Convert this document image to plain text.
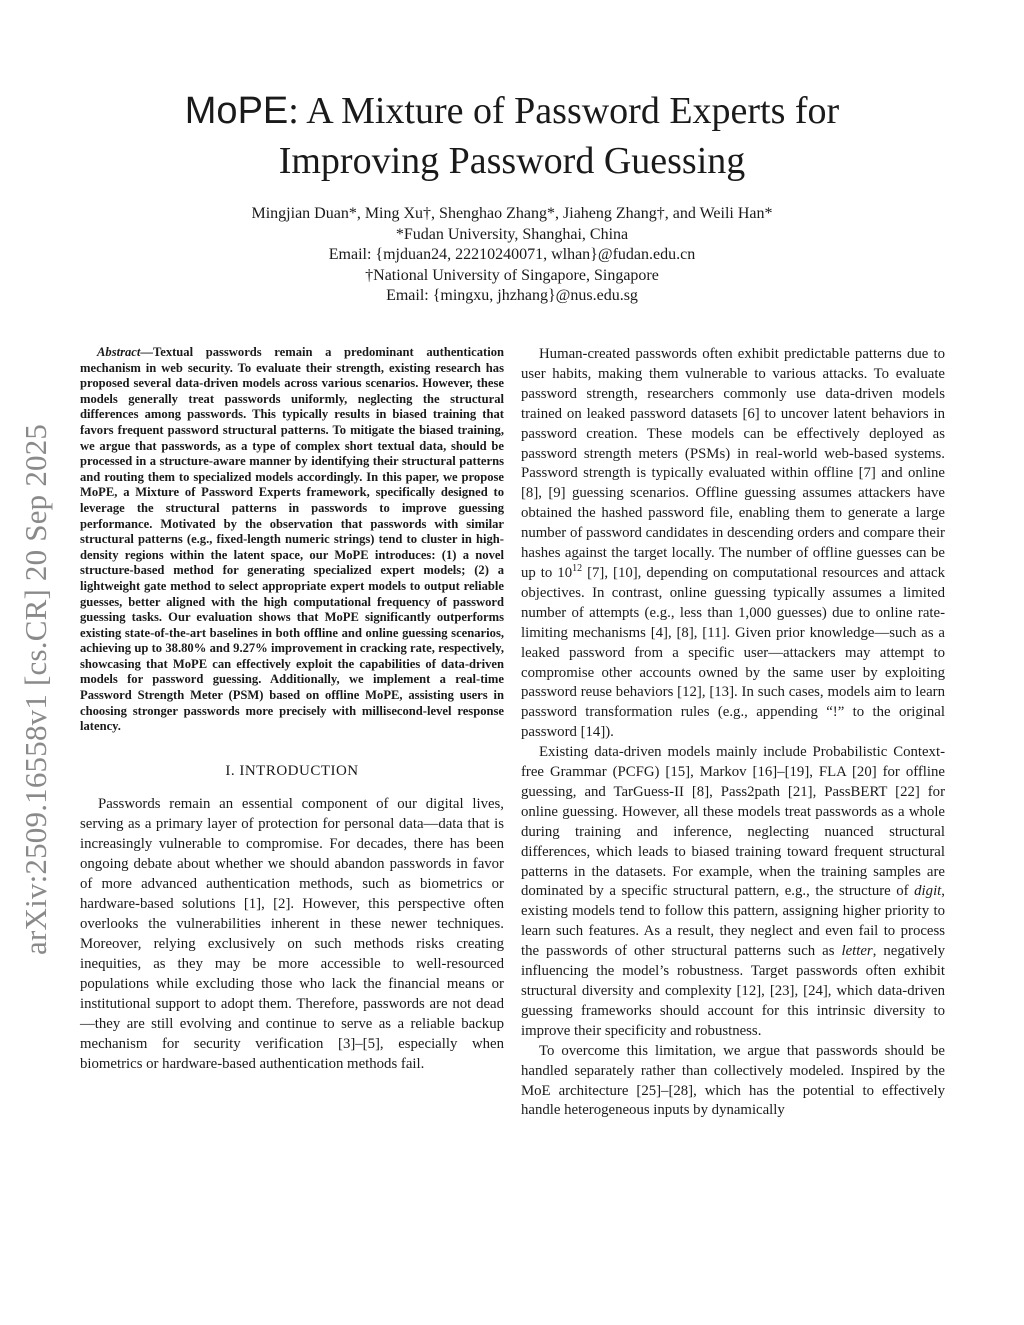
arXiv:2509.16558v1 [cs.CR] 20 Sep 2025
MoPE: A Mixture of Password Experts for
Improving Password Guessing
Mingjian Duan*, Ming Xu†, Shenghao Zhang*, Jiaheng Zhang†, and Weili Han*
*Fudan University, Shanghai, China
Email: {mjduan24, 22210240071, wlhan}@fudan.edu.cn
†National University of Singapore, Singapore
Email: {mingxu, jhzhang}@nus.edu.sg

Abstract—Textual passwords remain a predominant authentication mechanism in web security. To evaluate their strength, existing research has proposed several data-driven models across various scenarios. However, these models generally treat passwords uniformly, neglecting the structural differences among passwords. This typically results in biased training that favors frequent password structural patterns. To mitigate the biased training, we argue that passwords, as a type of complex short textual data, should be processed in a structure-aware manner by identifying their structural patterns and routing them to specialized models accordingly. In this paper, we propose MoPE, a Mixture of Password Experts framework, specifically designed to leverage the structural patterns in passwords to improve guessing performance. Motivated by the observation that passwords with similar structural patterns (e.g., fixed-length numeric strings) tend to cluster in high-density regions within the latent space, our MoPE introduces: (1) a novel structure-based method for generating specialized expert models; (2) a lightweight gate method to select appropriate expert models to output reliable guesses, better aligned with the high computational frequency of password guessing tasks. Our evaluation shows that MoPE significantly outperforms existing state-of-the-art baselines in both offline and online guessing scenarios, achieving up to 38.80% and 9.27% improvement in cracking rate, respectively, showcasing that MoPE can effectively exploit the capabilities of data-driven models for password guessing. Additionally, we implement a real-time Password Strength Meter (PSM) based on offline MoPE, assisting users in choosing stronger passwords more precisely with millisecond-level response latency.

I. INTRODUCTION

Passwords remain an essential component of our digital lives, serving as a primary layer of protection for personal data—data that is increasingly vulnerable to compromise. For decades, there has been ongoing debate about whether we should abandon passwords in favor of more advanced authentication methods, such as biometrics or hardware-based solutions [1], [2]. However, this perspective often overlooks the vulnerabilities inherent in these newer techniques. Moreover, relying exclusively on such methods risks creating inequities, as they may be more accessible to well-resourced populations while excluding those who lack the financial means or institutional support to adopt them. Therefore, passwords are not dead—they are still evolving and continue to serve as a reliable backup mechanism for security verification [3]–[5], especially when biometrics or hardware-based authentication methods fail.

Human-created passwords often exhibit predictable patterns due to user habits, making them vulnerable to various attacks. To evaluate password strength, researchers commonly use data-driven models trained on leaked password datasets [6] to uncover latent behaviors in password creation. These models can be effectively deployed as password strength meters (PSMs) in real-world web-based systems. Password strength is typically evaluated within offline [7] and online [8], [9] guessing scenarios. Offline guessing assumes attackers have obtained the hashed password file, enabling them to generate a large number of password candidates in descending orders and compare their hashes against the target locally. The number of offline guesses can be up to $10^{12}$ [7], [10], depending on computational resources and attack objectives. In contrast, online guessing typically assumes a limited number of attempts (e.g., less than 1,000 guesses) due to online rate-limiting mechanisms [4], [8], [11]. Given prior knowledge—such as a leaked password from a specific user—attackers may attempt to compromise other accounts owned by the same user by exploiting password reuse behaviors [12], [13]. In such cases, models aim to learn password transformation rules (e.g., appending “!” to the original password [14]).

Existing data-driven models mainly include Probabilistic Context-free Grammar (PCFG) [15], Markov [16]–[19], FLA [20] for offline guessing, and TarGuess-II [8], Pass2path [21], PassBERT [22] for online guessing. However, all these models treat passwords as a whole during training and inference, neglecting nuanced structural differences, which leads to biased training toward frequent structural patterns in the datasets. For example, when the training samples are dominated by a specific structural pattern, e.g., the structure of digit, existing models tend to follow this pattern, assigning higher priority to learn such features. As a result, they neglect and even fail to process the passwords of other structural patterns such as letter, negatively influencing the model’s robustness. Target passwords often exhibit structural diversity and complexity [12], [23], [24], which data-driven guessing frameworks should account for this intrinsic diversity to improve their specificity and robustness.

To overcome this limitation, we argue that passwords should be handled separately rather than collectively modeled. Inspired by the MoE architecture [25]–[28], which has the potential to effectively handle heterogeneous inputs by dynamically
